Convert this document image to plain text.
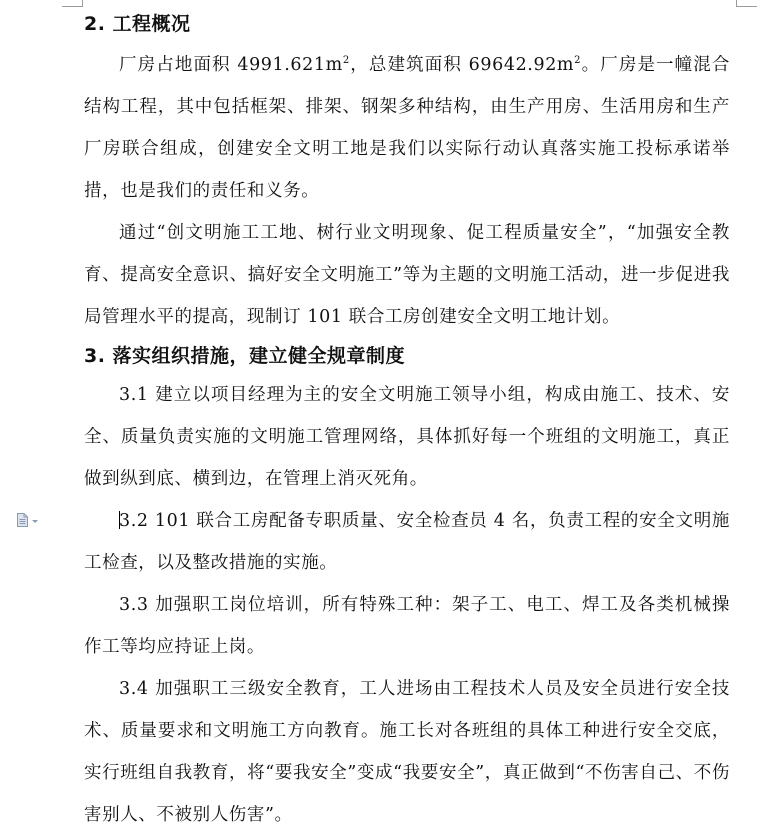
2. 工程概况

厂房占地面积 $4991.621m^2$，总建筑面积 $69642.92m^2$。厂房是一幢混合结构工程，其中包括框架、排架、钢架多种结构，由生产用房、生活用房和生产厂房联合组成，创建安全文明工地是我们以实际行动认真落实施工投标承诺举措，也是我们的责任和义务。

通过“创文明施工工地、树行业文明现象、促工程质量安全”，“加强安全教育、提高安全意识、搞好安全文明施工”等为主题的文明施工活动，进一步促进我局管理水平的提高，现制订 101 联合工房创建安全文明工地计划。

3. 落实组织措施，建立健全规章制度

3.1 建立以项目经理为主的安全文明施工领导小组，构成由施工、技术、安全、质量负责实施的文明施工管理网络，具体抓好每一个班组的文明施工，真正做到纵到底、横到边，在管理上消灭死角。

3.2 101 联合工房配备专职质量、安全检查员 4 名，负责工程的安全文明施工检查，以及整改措施的实施。

3.3 加强职工岗位培训，所有特殊工种：架子工、电工、焊工及各类机械操作工等均应持证上岗。

3.4 加强职工三级安全教育，工人进场由工程技术人员及安全员进行安全技术、质量要求和文明施工方向教育。施工长对各班组的具体工种进行安全交底，实行班组自我教育，将“要我安全”变成“我要安全”，真正做到“不伤害自己、不伤害别人、不被别人伤害”。
